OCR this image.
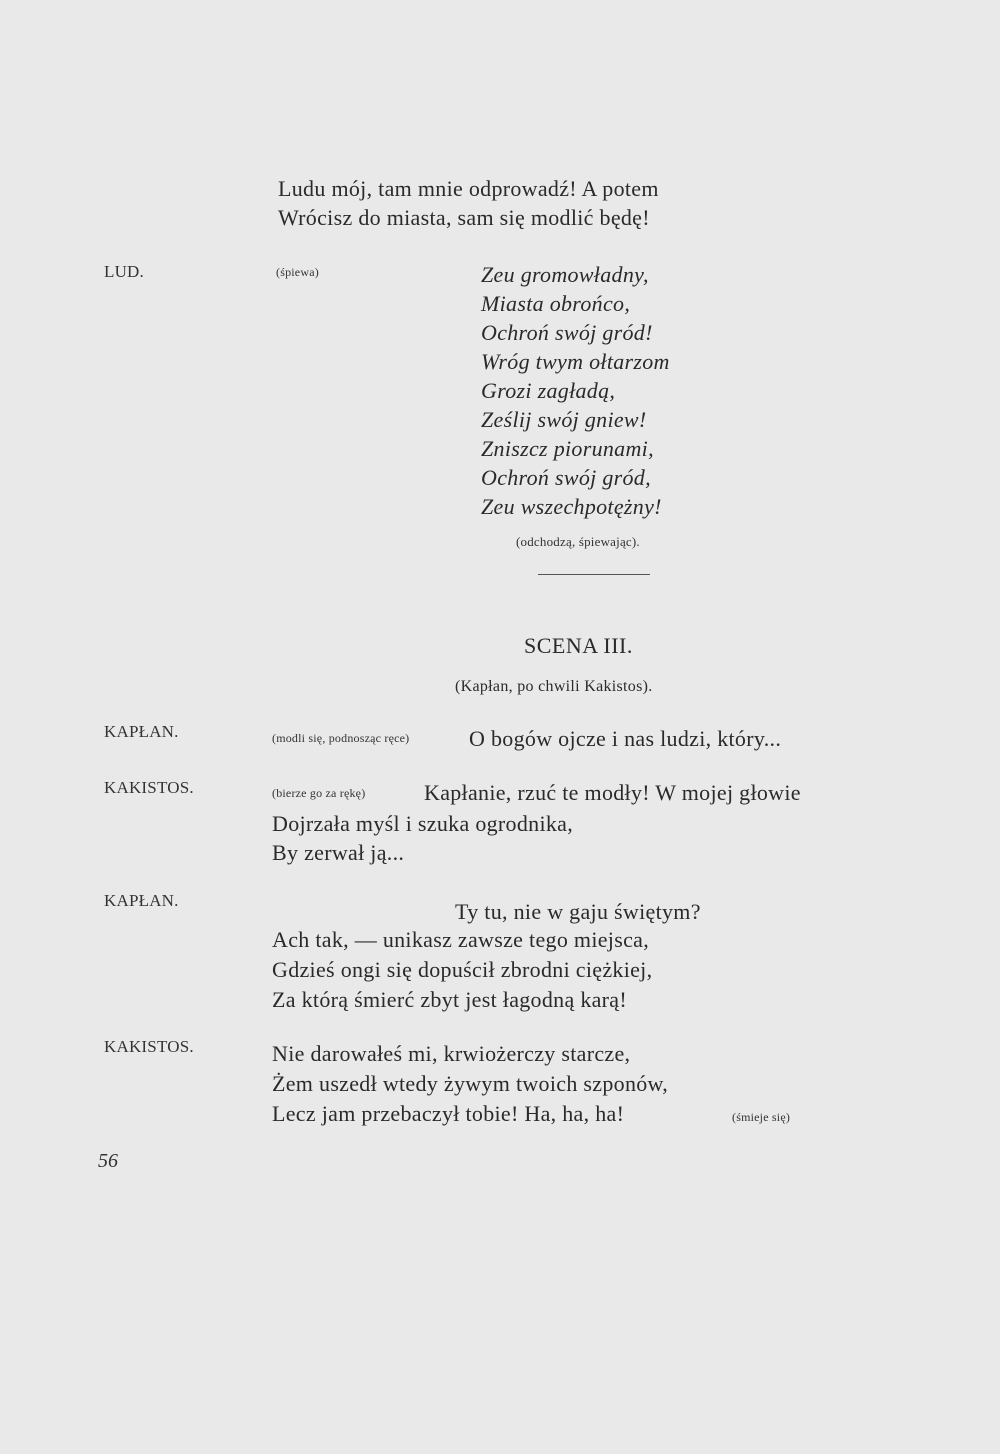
Ludu mój, tam mnie odprowadź! A potem
Wrócisz do miasta, sam się modlić będę!
LUD.	(śpiewa)	Zeu gromowładny,
Miasta obrońco,
Ochroń swój gród!
Wróg twym ołtarzom
Grozi zagładą,
Ześlij swój gniew!
Zniszcz piorunami,
Ochroń swój gród,
Zeu wszechpotężny!
(odchodzą, śpiewając).
SCENA III.
(Kapłan, po chwili Kakistos).
KAPŁAN.	(modli się, podnosząc ręce)	O bogów ojcze i nas ludzi, który...
KAKISTOS.	(bierze go za rękę)	Kapłanie, rzuć te modły! W mojej głowie
Dojrzała myśl i szuka ogrodnika,
By zerwał ją...
KAPŁAN.	Ty tu, nie w gaju świętym?
Ach tak, — unikasz zawsze tego miejsca,
Gdzieś ongi się dopuścił zbrodni ciężkiej,
Za którą śmierć zbyt jest łagodną karą!
KAKISTOS.	Nie darowałeś mi, krwiożerczy starcze,
Żem uszedł wtedy żywym twoich szponów,
Lecz jam przebaczył tobie! Ha, ha, ha!	(śmieje się)
56
